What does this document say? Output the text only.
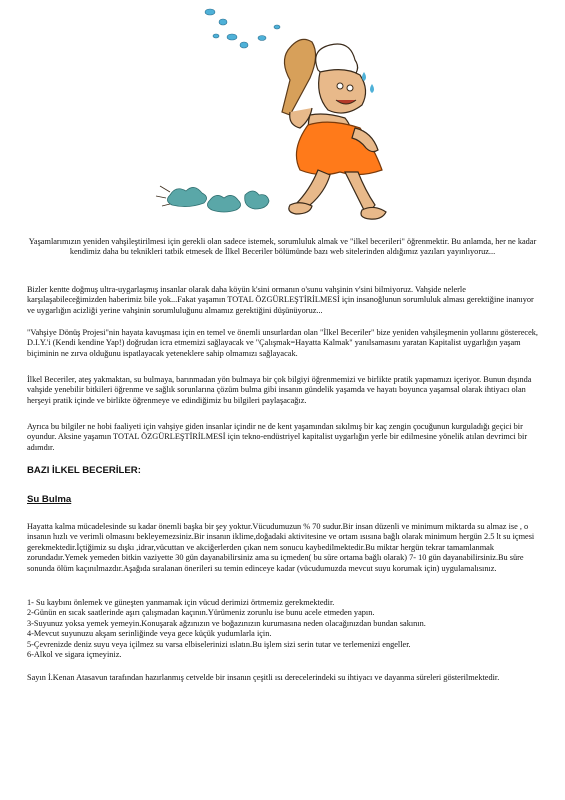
Yaşamlarımızın yeniden vahşileştirilmesi için gerekli olan sadece istemek, sorumluluk almak ve "ilkel becerileri" öğrenmektir. Bu anlamda, her ne kadar kendimiz daha bu teknikleri tatbik etmesek de İlkel Beceriler bölümünde bazı web sitelerinden aldığımız yazıları yayınlıyoruz...

Bizler kentte doğmuş ultra-uygarlaşmış insanlar olarak daha köyün k'sini ormanın o'sunu vahşinin v'sini bilmiyoruz. Vahşide nelerle karşılaşabileceğimizden haberimiz bile yok...Fakat yaşamın TOTAL ÖZGÜRLEŞTİRİLMESİ için insanoğlunun sorumluluk alması gerektiğine inanıyor ve uygarlığın acizliği yerine vahşinin sorumluluğunu almamız gerektiğini düşünüyoruz...

"Vahşiye Dönüş Projesi"nin hayata kavuşması için en temel ve önemli unsurlardan olan "İlkel Beceriler" bize yeniden vahşileşmenin yollarını gösterecek, D.I.Y.'i (Kendi kendine Yap!) doğrudan icra etmemizi sağlayacak ve "Çalışmak=Hayatta Kalmak" yanılsamasını yaratan Kapitalist uygarlığın yaşam biçiminin ne zırva olduğunu ispatlayacak yeteneklere sahip olmamızı sağlayacak.

İlkel Beceriler, ateş yakmaktan, su bulmaya, barınmadan yön bulmaya bir çok bilgiyi öğrenmemizi ve birlikte pratik yapmamızı içeriyor. Bunun dışında vahşide yenebilir bitkileri öğrenme ve sağlık sorunlarına çözüm bulma gibi insanın gündelik yaşamda ve hayatı boyunca yaşamsal olarak ihtiyacı olan herşeyi pratik içinde ve birlikte öğrenmeye ve edindiğimiz bu bilgileri paylaşacağız.

Ayrıca bu bilgiler ne hobi faaliyeti için vahşiye giden insanlar içindir ne de kent yaşamından sıkılmış bir kaç zengin çocuğunun kurguladığı geçici bir oyundur. Aksine yaşamın TOTAL ÖZGÜRLEŞTİRİLMESİ için tekno-endüstriyel kapitalist uygarlığın yerle bir edilmesine yönelik atılan devrimci bir adımdır.

BAZI İLKEL BECERİLER:
Su Bulma

Hayatta kalma mücadelesinde su kadar önemli başka bir şey yoktur.Vücudumuzun % 70 sudur.Bir insan düzenli ve minimum miktarda su almaz ise , o insanın hızlı ve verimli olmasını bekleyemezsiniz.Bir insanın iklime,doğadaki aktivitesine ve ortam ısısına bağlı olarak minimum hergün 2.5 lt su içmesi gerekmektedir.İçtiğimiz su dışkı ,idrar,vücuttan ve akciğerlerden çıkan nem sonucu kaybedilmektedir.Bu miktar hergün tekrar tamamlanmak zorundadır.Yemek yemeden bitkin vaziyette 30 gün dayanabilirsiniz ama su içmeden( bu süre ortama bağlı olarak) 7- 10 gün dayanabilirsiniz.Bu süre sonunda ölüm kaçınılmazdır.Aşağıda sıralanan önerileri su temin edinceye kadar (vücudumuzda mevcut suyu korumak için) uygulamalısınız.

1- Su kaybını önlemek ve güneşten yanmamak için vücud derimizi örtmemiz gerekmektedir.
2-Günün en sıcak saatlerinde aşırı çalışmadan kaçının.Yürümeniz zorunlu ise bunu acele etmeden yapın.
3-Suyunuz yoksa yemek yemeyin.Konuşarak ağzınızın ve boğazınızın kurumasına neden olacağınızdan bundan sakının.
4-Mevcut suyunuzu akşam serinliğinde veya gece küçük yudumlarla için.
5-Çevrenizde deniz suyu veya içilmez su varsa elbiselerinizi ıslatın.Bu işlem sizi serin tutar ve terlemenizi engeller.
6-Alkol ve sigara içmeyiniz.

Sayın İ.Kenan Atasavun tarafından hazırlanmış cetvelde bir insanın çeşitli ısı derecelerindeki su ihtiyacı ve dayanma süreleri gösterilmektedir.
